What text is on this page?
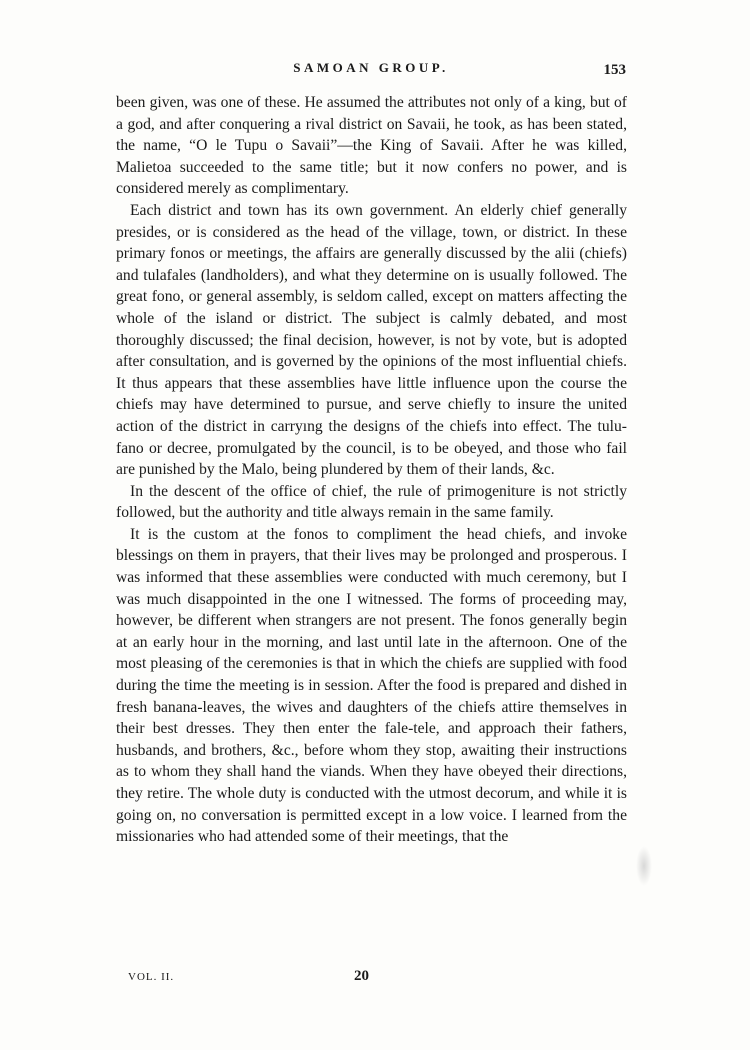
SAMOAN GROUP.	153

been given, was one of these. He assumed the attributes not only of a king, but of a god, and after conquering a rival district on Savaii, he took, as has been stated, the name, “O le Tupu o Savaii”—the King of Savaii. After he was killed, Malietoa succeeded to the same title; but it now confers no power, and is considered merely as complimentary.

Each district and town has its own government. An elderly chief generally presides, or is considered as the head of the village, town, or district. In these primary fonos or meetings, the affairs are generally discussed by the alii (chiefs) and tulafales (landholders), and what they determine on is usually followed. The great fono, or general assembly, is seldom called, except on matters affecting the whole of the island or district. The subject is calmly debated, and most thoroughly discussed; the final decision, however, is not by vote, but is adopted after consultation, and is governed by the opinions of the most influential chiefs. It thus appears that these assemblies have little influence upon the course the chiefs may have determined to pursue, and serve chiefly to insure the united action of the district in carryıng the designs of the chiefs into effect. The tulu-fano or decree, promulgated by the council, is to be obeyed, and those who fail are punished by the Malo, being plundered by them of their lands, &c.

In the descent of the office of chief, the rule of primogeniture is not strictly followed, but the authority and title always remain in the same family.

It is the custom at the fonos to compliment the head chiefs, and invoke blessings on them in prayers, that their lives may be prolonged and prosperous. I was informed that these assemblies were conducted with much ceremony, but I was much disappointed in the one I witnessed. The forms of proceeding may, however, be different when strangers are not present. The fonos generally begin at an early hour in the morning, and last until late in the afternoon. One of the most pleasing of the ceremonies is that in which the chiefs are supplied with food during the time the meeting is in session. After the food is prepared and dished in fresh banana-leaves, the wives and daughters of the chiefs attire themselves in their best dresses. They then enter the fale-tele, and approach their fathers, husbands, and brothers, &c., before whom they stop, awaiting their instructions as to whom they shall hand the viands. When they have obeyed their directions, they retire. The whole duty is conducted with the utmost decorum, and while it is going on, no conversation is permitted except in a low voice. I learned from the missionaries who had attended some of their meetings, that the

VOL. II.	20
